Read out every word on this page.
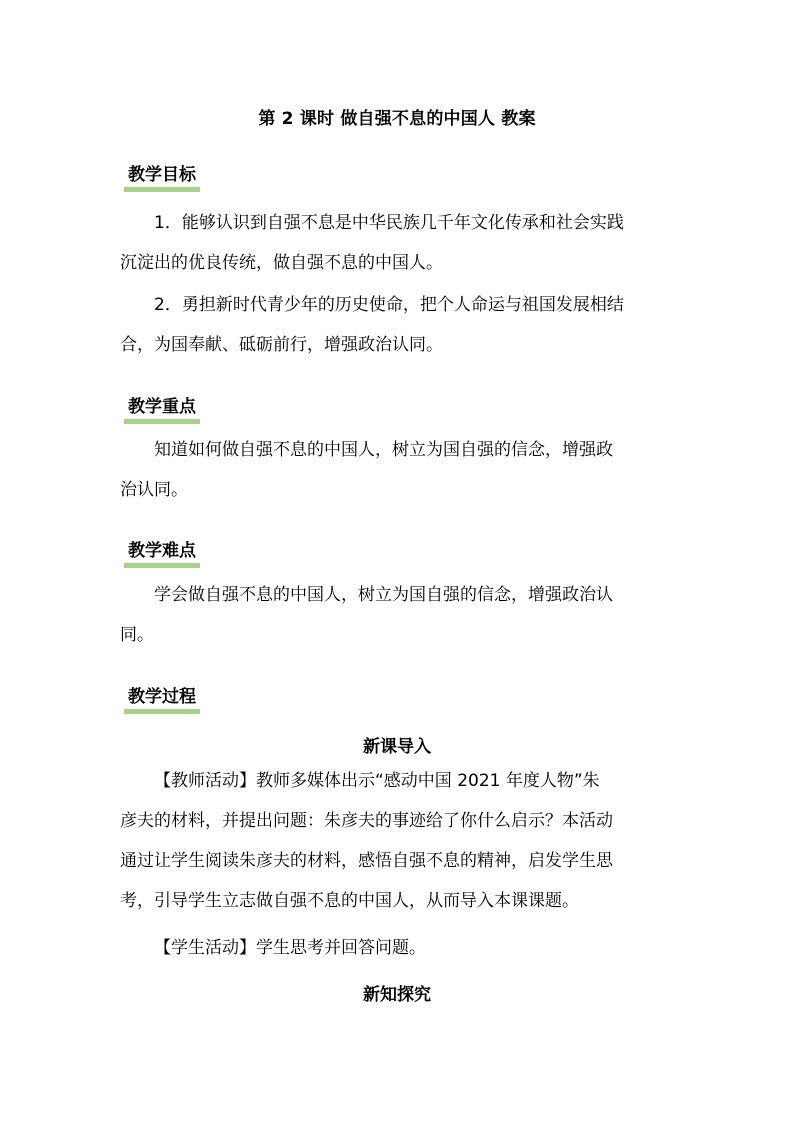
第 2 课时 做自强不息的中国人 教案
教学目标
1．能够认识到自强不息是中华民族几千年文化传承和社会实践
沉淀出的优良传统，做自强不息的中国人。
2．勇担新时代青少年的历史使命，把个人命运与祖国发展相结
合，为国奉献、砥砺前行，增强政治认同。
教学重点
知道如何做自强不息的中国人，树立为国自强的信念，增强政
治认同。
教学难点
学会做自强不息的中国人，树立为国自强的信念，增强政治认
同。
教学过程
新课导入
【教师活动】教师多媒体出示“感动中国 2021 年度人物”朱
彦夫的材料，并提出问题：朱彦夫的事迹给了你什么启示？本活动
通过让学生阅读朱彦夫的材料，感悟自强不息的精神，启发学生思
考，引导学生立志做自强不息的中国人，从而导入本课课题。
【学生活动】学生思考并回答问题。
新知探究
